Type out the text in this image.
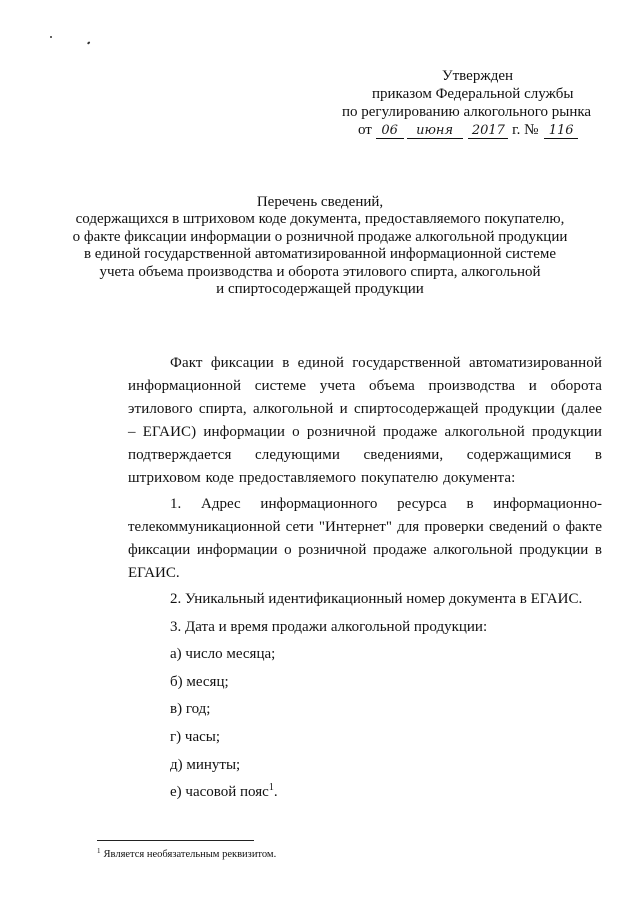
Утвержден
приказом Федеральной службы
по регулированию алкогольного рынка
от 06 июня 2017 г. № 116
Перечень сведений,
содержащихся в штриховом коде документа, предоставляемого покупателю,
о факте фиксации информации о розничной продаже алкогольной продукции
в единой государственной автоматизированной информационной системе
учета объема производства и оборота этилового спирта, алкогольной
и спиртосодержащей продукции

Факт фиксации в единой государственной автоматизированной информационной системе учета объема производства и оборота этилового спирта, алкогольной и спиртосодержащей продукции (далее – ЕГАИС) информации о розничной продаже алкогольной продукции подтверждается следующими сведениями, содержащимися в штриховом коде предоставляемого покупателю документа:

1. Адрес информационного ресурса в информационно-телекоммуникационной сети "Интернет" для проверки сведений о факте фиксации информации о розничной продаже алкогольной продукции в ЕГАИС.

2. Уникальный идентификационный номер документа в ЕГАИС.

3. Дата и время продажи алкогольной продукции:

а) число месяца;

б) месяц;

в) год;

г) часы;

д) минуты;

е) часовой пояс$^1$.

$^1$ Является необязательным реквизитом.
